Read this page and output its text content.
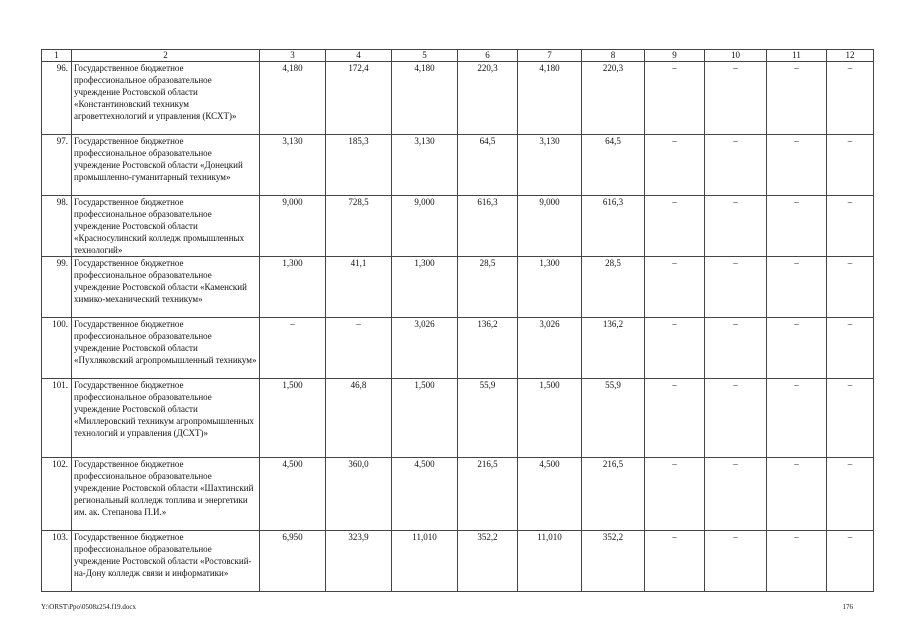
1	2	3	4	5	6	7	8	9	10	11	12
96.	Государственное бюджетное профессиональное образовательное учреждение Ростовской области «Константиновский техникум агроветтехнологий и управления (КСХТ)»	4,180	172,4	4,180	220,3	4,180	220,3	–	–	–	–
97.	Государственное бюджетное профессиональное образовательное учреждение Ростовской области «Донецкий промышленно-гуманитарный техникум»	3,130	185,3	3,130	64,5	3,130	64,5	–	–	–	–
98.	Государственное бюджетное профессиональное образовательное учреждение Ростовской области «Красносулинский колледж промышленных технологий»	9,000	728,5	9,000	616,3	9,000	616,3	–	–	–	–
99.	Государственное бюджетное профессиональное образовательное учреждение Ростовской области «Каменский химико-механический техникум»	1,300	41,1	1,300	28,5	1,300	28,5	–	–	–	–
100.	Государственное бюджетное профессиональное образовательное учреждение Ростовской области «Пухляковский агропромышленный техникум»	–	–	3,026	136,2	3,026	136,2	–	–	–	–
101.	Государственное бюджетное профессиональное образовательное учреждение Ростовской области «Миллеровский техникум агропромышленных технологий и управления (ДСХТ)»	1,500	46,8	1,500	55,9	1,500	55,9	–	–	–	–
102.	Государственное бюджетное профессиональное образовательное учреждение Ростовской области «Шахтинский региональный колледж топлива и энергетики им. ак. Степанова П.И.»	4,500	360,0	4,500	216,5	4,500	216,5	–	–	–	–
103.	Государственное бюджетное профессиональное образовательное учреждение Ростовской области «Ростовский-на-Дону колледж связи и информатики»	6,950	323,9	11,010	352,2	11,010	352,2	–	–	–	–
Y:\ORST\Ppo\0508z254.f19.docx	176
